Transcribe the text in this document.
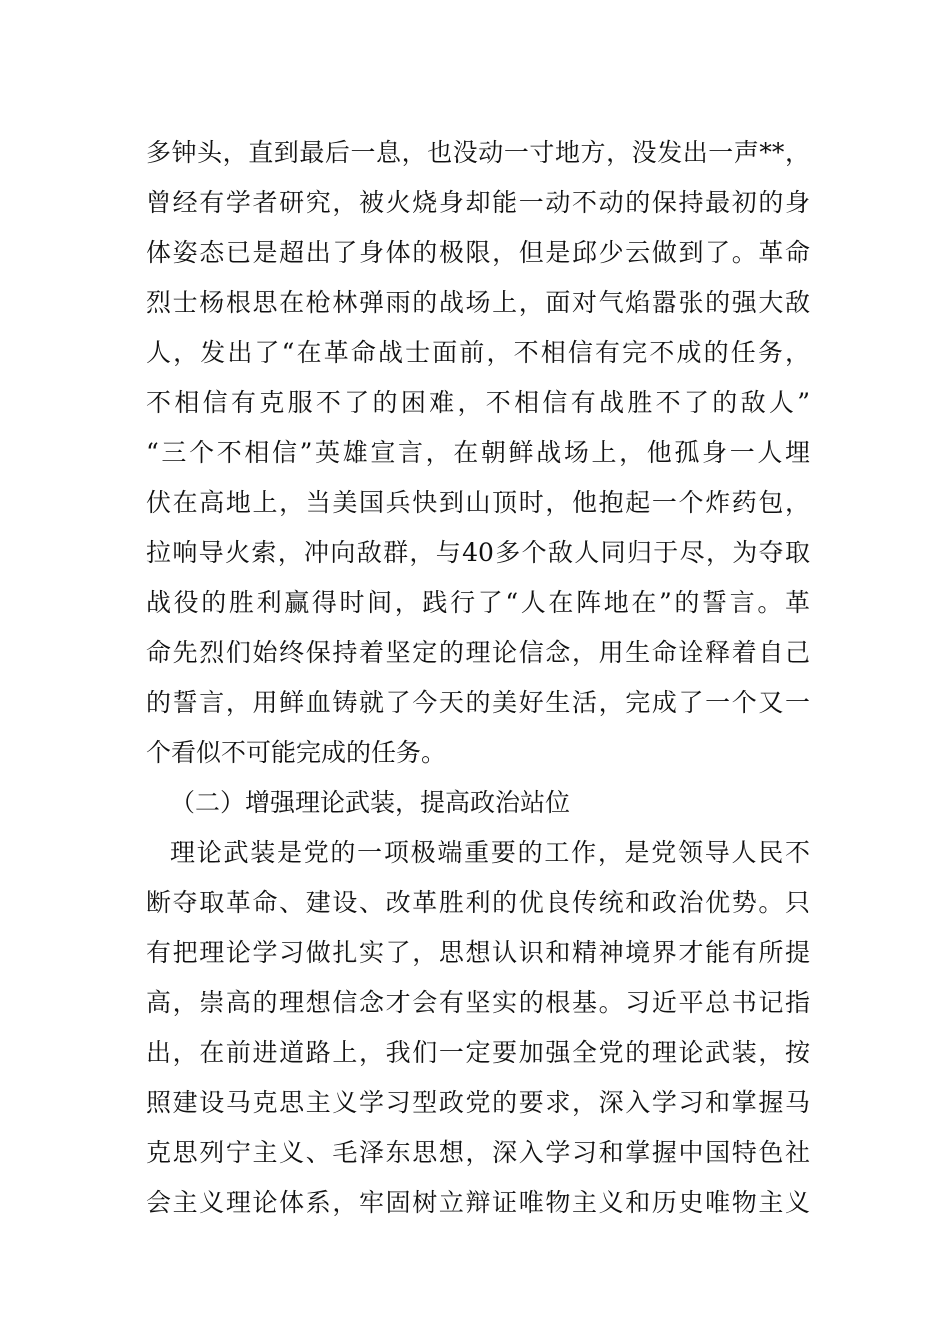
多钟头，直到最后一息，也没动一寸地方，没发出一声**，
曾经有学者研究，被火烧身却能一动不动的保持最初的身
体姿态已是超出了身体的极限，但是邱少云做到了。革命
烈士杨根思在枪林弹雨的战场上，面对气焰嚣张的强大敌
人，发出了“在革命战士面前，不相信有完不成的任务，
不相信有克服不了的困难，不相信有战胜不了的敌人”
“三个不相信”英雄宣言，在朝鲜战场上，他孤身一人埋
伏在高地上，当美国兵快到山顶时，他抱起一个炸药包，
拉响导火索，冲向敌群，与40多个敌人同归于尽，为夺取
战役的胜利赢得时间，践行了“人在阵地在”的誓言。革
命先烈们始终保持着坚定的理论信念，用生命诠释着自己
的誓言，用鲜血铸就了今天的美好生活，完成了一个又一
个看似不可能完成的任务。
（二）增强理论武装，提高政治站位
理论武装是党的一项极端重要的工作，是党领导人民不
断夺取革命、建设、改革胜利的优良传统和政治优势。只
有把理论学习做扎实了，思想认识和精神境界才能有所提
高，崇高的理想信念才会有坚实的根基。习近平总书记指
出，在前进道路上，我们一定要加强全党的理论武装，按
照建设马克思主义学习型政党的要求，深入学习和掌握马
克思列宁主义、毛泽东思想，深入学习和掌握中国特色社
会主义理论体系，牢固树立辩证唯物主义和历史唯物主义
